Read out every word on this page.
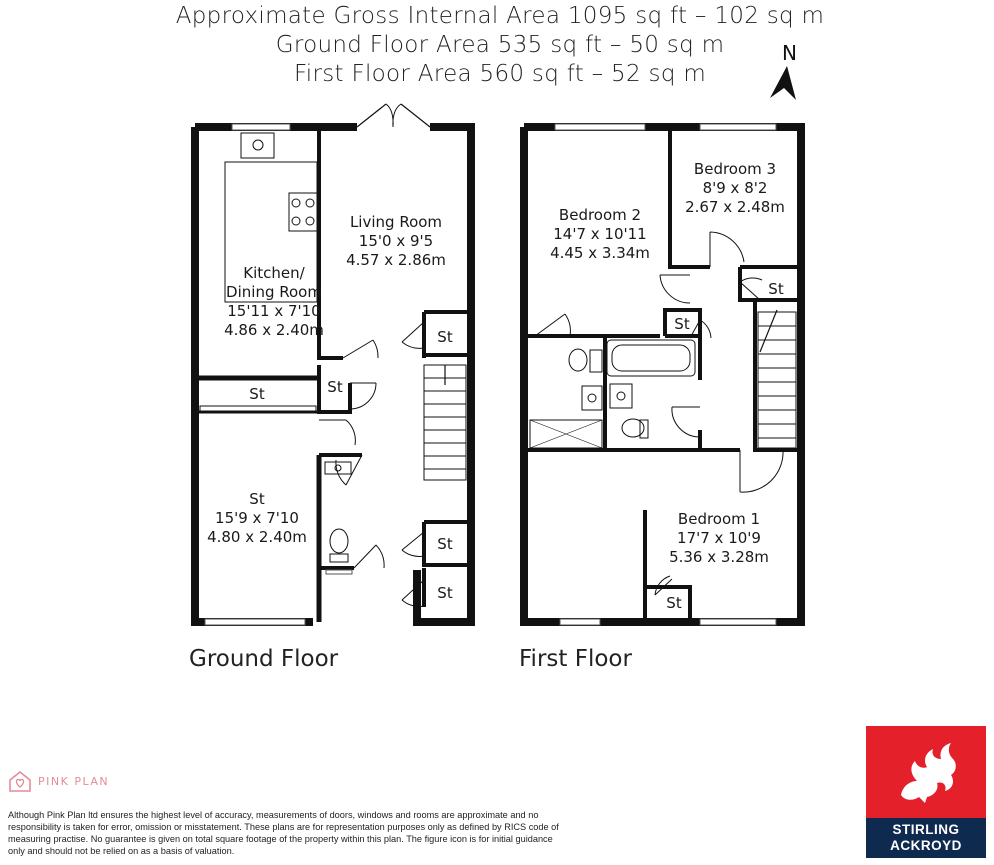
Approximate Gross Internal Area 1095 sq ft – 102 sq m
Ground Floor Area 535 sq ft – 50 sq m
First Floor Area 560 sq ft – 52 sq m
N
Living Room
15'0 x 9'5
4.57 x 2.86m
Kitchen/
Dining Room
15'11 x 7'10
4.86 x 2.40m
St	St
St
St
St
St
15'9 x 7'10
4.80 x 2.40m
Bedroom 2
14'7 x 10'11
4.45 x 3.34m
Bedroom 3
8'9 x 8'2
2.67 x 2.48m
Bedroom 1
17'7 x 10'9
5.36 x 3.28m
St
St
St
Ground Floor	First Floor
PINK PLAN
Although Pink Plan ltd ensures the highest level of accuracy, measurements of doors, windows and rooms are approximate and no responsibility is taken for error, omission or misstatement. These plans are for representation purposes only as defined by RICS code of measuring practise. No guarantee is given on total square footage of the property within this plan. The figure icon is for initial guidance only and should not be relied on as a basis of valuation.
STIRLING
ACKROYD
